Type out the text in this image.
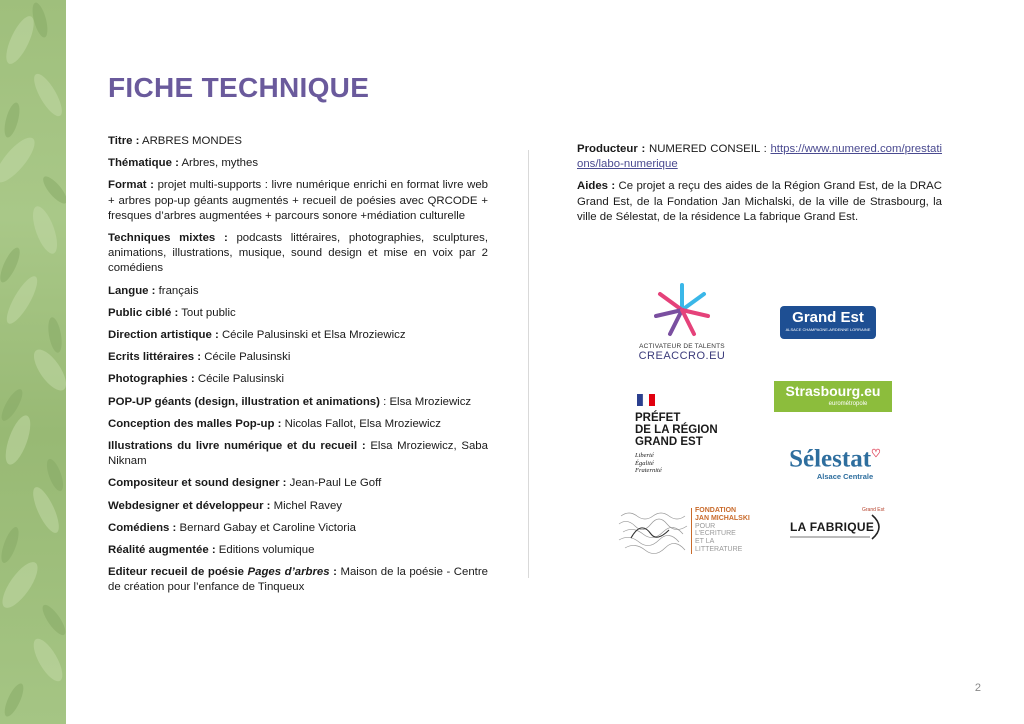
FICHE TECHNIQUE

Titre : ARBRES MONDES

Thématique : Arbres, mythes

Format : projet multi-supports : livre numérique enrichi en format livre web + arbres pop-up géants augmentés + recueil de poésies avec QRCODE + fresques d’arbres augmentées + parcours sonore +médiation culturelle

Techniques mixtes : podcasts littéraires, photographies, sculptures, animations, illustrations, musique, sound design et mise en voix par 2 comédiens

Langue : français

Public ciblé : Tout public

Direction artistique : Cécile Palusinski et Elsa Mroziewicz

Ecrits littéraires : Cécile Palusinski

Photographies : Cécile Palusinski

POP-UP géants (design, illustration et animations) : Elsa Mroziewicz

Conception des malles Pop-up : Nicolas Fallot, Elsa Mroziewicz

Illustrations du livre numérique et du recueil : Elsa Mroziewicz, Saba Niknam

Compositeur et sound designer : Jean-Paul Le Goff

Webdesigner et développeur : Michel Ravey

Comédiens : Bernard Gabay et Caroline Victoria

Réalité augmentée : Editions volumique

Editeur recueil de poésie Pages d’arbres : Maison de la poésie - Centre de création pour l’enfance de Tinqueux

Producteur : NUMERED CONSEIL : https://www.numered.com/prestations/labo-numerique

Aides : Ce projet a reçu des aides de la Région Grand Est, de la DRAC Grand Est, de la Fondation Jan Michalski, de la ville de Strasbourg, la ville de Sélestat, de la résidence La fabrique Grand Est.

ACTIVATEUR DE TALENTS
CREACCRO.EU
Grand Est
ALSACE CHAMPAGNE-ARDENNE LORRAINE
PRÉFET
DE LA RÉGION
GRAND EST
Liberté
Égalité
Fraternité
Strasbourg.eu
eurométropole
Sélestat♡
Alsace Centrale
FONDATION
JAN MICHALSKI
POUR
L’ECRITURE
ET LA
LITTERATURE
Grand Est
LA FABRIQUE
2
